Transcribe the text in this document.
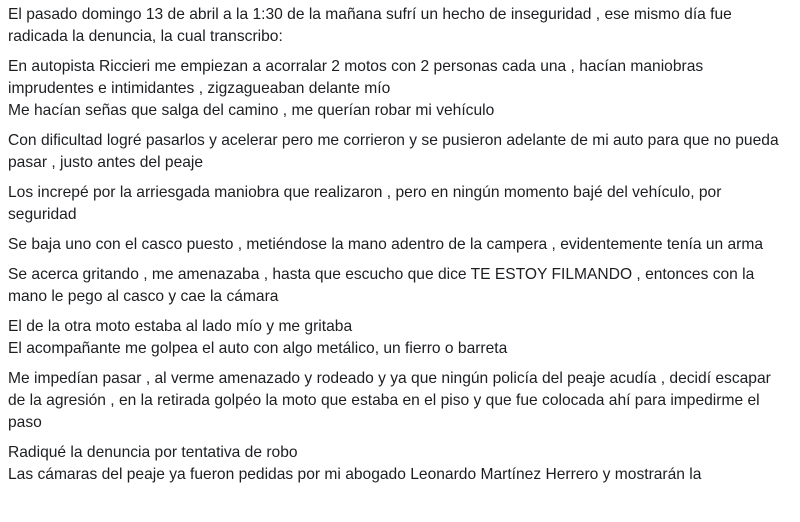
El pasado domingo 13 de abril a la 1:30 de la mañana sufrí un hecho de inseguridad , ese mismo día fue radicada la denuncia, la cual transcribo:

En autopista Riccieri me empiezan a acorralar 2 motos con 2 personas cada una , hacían maniobras imprudentes e intimidantes , zigzagueaban delante mío
Me hacían señas que salga del camino , me querían robar mi vehículo

Con dificultad logré pasarlos y acelerar pero me corrieron y se pusieron adelante de mi auto para que no pueda pasar , justo antes del peaje

Los increpé por la arriesgada maniobra que realizaron , pero en ningún momento bajé del vehículo, por seguridad

Se baja uno con el casco puesto , metiéndose la mano adentro de la campera , evidentemente tenía un arma

Se acerca gritando , me amenazaba , hasta que escucho que dice TE ESTOY FILMANDO , entonces con la mano le pego al casco y cae la cámara

El de la otra moto estaba al lado mío y me gritaba
El acompañante me golpea el auto con algo metálico, un fierro o barreta

Me impedían pasar , al verme amenazado y rodeado y ya que ningún policía del peaje acudía , decidí escapar de la agresión , en la retirada golpéo la moto que estaba en el piso y que fue colocada ahí para impedirme el paso

Radiqué la denuncia por tentativa de robo
Las cámaras del peaje ya fueron pedidas por mi abogado Leonardo Martínez Herrero y mostrarán la
